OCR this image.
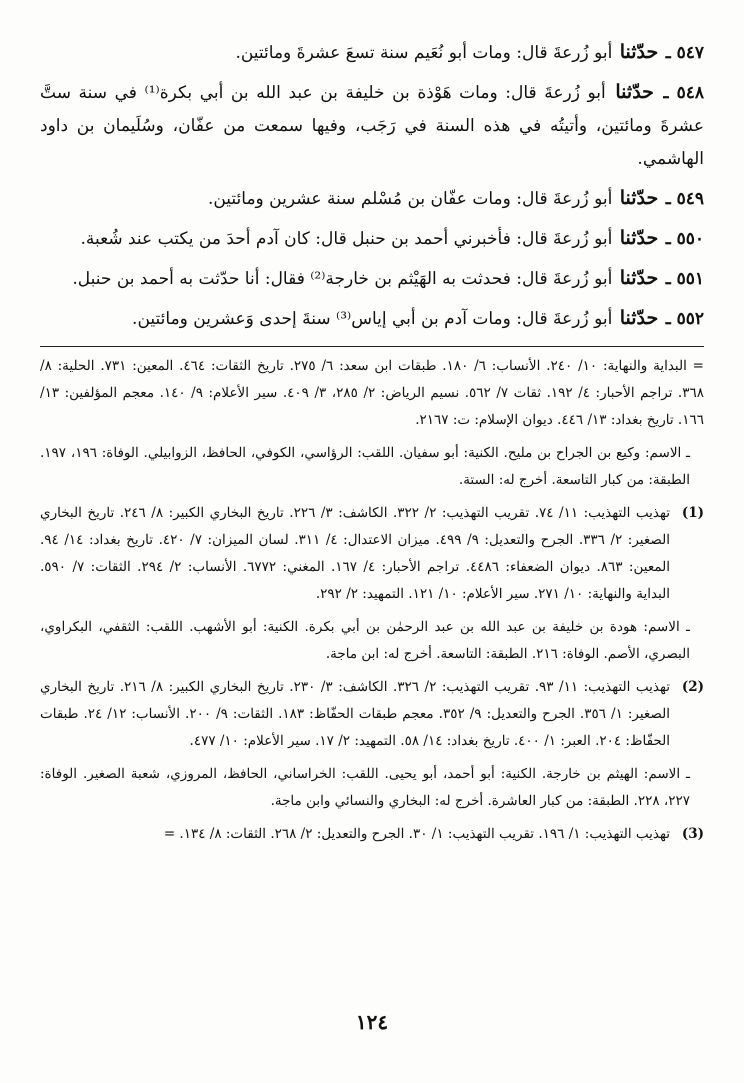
٥٤٧ ـ حدّثنا أبو زُرعةَ قال: ومات أبو نُعَيم سنة تسعَ عشرةَ ومائتين.

٥٤٨ ـ حدّثنا أبو زُرعةَ قال: ومات هَوْذة بن خليفة بن عبد الله بن أبي بكرة⁽¹⁾ في سنة ستَّ عشرةَ ومائتين، وأتيتُه في هذه السنة في رَجَب، وفيها سمعت من عفّان، وسُلَيمان بن داود الهاشمي.

٥٤٩ ـ حدّثنا أبو زُرعةَ قال: ومات عفّان بن مُسْلم سنة عشرين ومائتين.

٥٥٠ ـ حدّثنا أبو زُرعةَ قال: فأخبرني أحمد بن حنبل قال: كان آدم أحدَ من يكتب عند شُعبة.

٥٥١ ـ حدّثنا أبو زُرعةَ قال: فحدثت به الهَيْثم بن خارجة⁽²⁾ فقال: أنا حدّثت به أحمد بن حنبل.

٥٥٢ ـ حدّثنا أبو زُرعةَ قال: ومات آدم بن أبي إياس⁽³⁾ سنةَ إحدى وَعشرين ومائتين.

= البداية والنهاية: ١٠/ ٢٤٠. الأنساب: ٦/ ١٨٠. طبقات ابن سعد: ٦/ ٢٧٥. تاريخ الثقات: ٤٦٤. المعين: ٧٣١. الحلية: ٨/ ٣٦٨. تراجم الأحبار: ٤/ ١٩٢. ثقات ٧/ ٥٦٢. نسيم الرياض: ٢/ ٢٨٥، ٣/ ٤٠٩. سير الأعلام: ٩/ ١٤٠. معجم المؤلفين: ١٣/ ١٦٦. تاريخ بغداد: ١٣/ ٤٤٦. ديوان الإسلام: ت: ٢١٦٧.

ـ الاسم: وكيع بن الجراح بن مليح. الكنية: أبو سفيان. اللقب: الرؤاسي، الكوفي، الحافظ، الزوابيلي. الوفاة: ١٩٦، ١٩٧. الطبقة: من كبار التاسعة. أخرج له: الستة.

(1)
تهذيب التهذيب: ١١/ ٧٤. تقريب التهذيب: ٢/ ٣٢٢. الكاشف: ٣/ ٢٢٦. تاريخ البخاري الكبير: ٨/ ٢٤٦. تاريخ البخاري الصغير: ٢/ ٣٣٦. الجرح والتعديل: ٩/ ٤٩٩. ميزان الاعتدال: ٤/ ٣١١. لسان الميزان: ٧/ ٤٢٠. تاريخ بغداد: ١٤/ ٩٤. المعين: ٨٦٣. ديوان الضعفاء: ٤٤٨٦. تراجم الأحبار: ٤/ ١٦٧. المغني: ٦٧٧٢. الأنساب: ٢/ ٢٩٤. الثقات: ٧/ ٥٩٠. البداية والنهاية: ١٠/ ٢٧١. سير الأعلام: ١٠/ ١٢١. التمهيد: ٢/ ٢٩٢.

ـ الاسم: هودة بن خليفة بن عبد الله بن عبد الرحمٰن بن أبي بكرة. الكنية: أبو الأشهب. اللقب: الثقفي، البكراوي، البصري، الأصم. الوفاة: ٢١٦. الطبقة: التاسعة. أخرج له: ابن ماجة.

(2)
تهذيب التهذيب: ١١/ ٩٣. تقريب التهذيب: ٢/ ٣٢٦. الكاشف: ٣/ ٢٣٠. تاريخ البخاري الكبير: ٨/ ٢١٦. تاريخ البخاري الصغير: ١/ ٣٥٦. الجرح والتعديل: ٩/ ٣٥٢. معجم طبقات الحفّاظ: ١٨٣. الثقات: ٩/ ٢٠٠. الأنساب: ١٢/ ٢٤. طبقات الحفّاظ: ٢٠٤. العبر: ١/ ٤٠٠. تاريخ بغداد: ١٤/ ٥٨. التمهيد: ٢/ ١٧. سير الأعلام: ١٠/ ٤٧٧.

ـ الاسم: الهيثم بن خارجة. الكنية: أبو أحمد، أبو يحيى. اللقب: الخراساني، الحافظ، المروزي، شعبة الصغير. الوفاة: ٢٢٧، ٢٢٨. الطبقة: من كبار العاشرة. أخرج له: البخاري والنسائي وابن ماجة.

(3)
تهذيب التهذيب: ١/ ١٩٦. تقريب التهذيب: ١/ ٣٠. الجرح والتعديل: ٢/ ٢٦٨. الثقات: ٨/ ١٣٤. =
١٢٤
